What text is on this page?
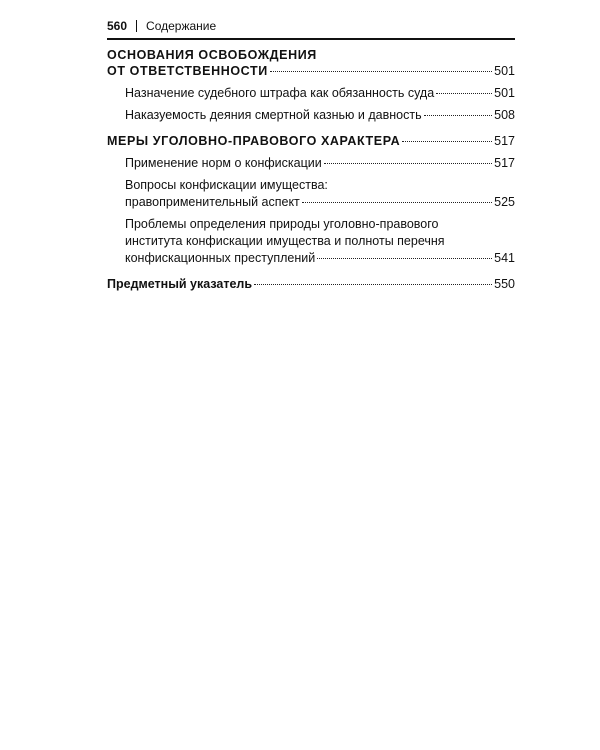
560 Содержание
ОСНОВАНИЯ ОСВОБОЖДЕНИЯ
ОТ ОТВЕТСТВЕННОСТИ	501
Назначение судебного штрафа как обязанность суда	501
Наказуемость деяния смертной казнью и давность	508
МЕРЫ УГОЛОВНО-ПРАВОВОГО ХАРАКТЕРА	517
Применение норм о конфискации	517
Вопросы конфискации имущества:
правоприменительный аспект	525
Проблемы определения природы уголовно-правового
института конфискации имущества и полноты перечня
конфискационных преступлений	541
Предметный указатель	550
